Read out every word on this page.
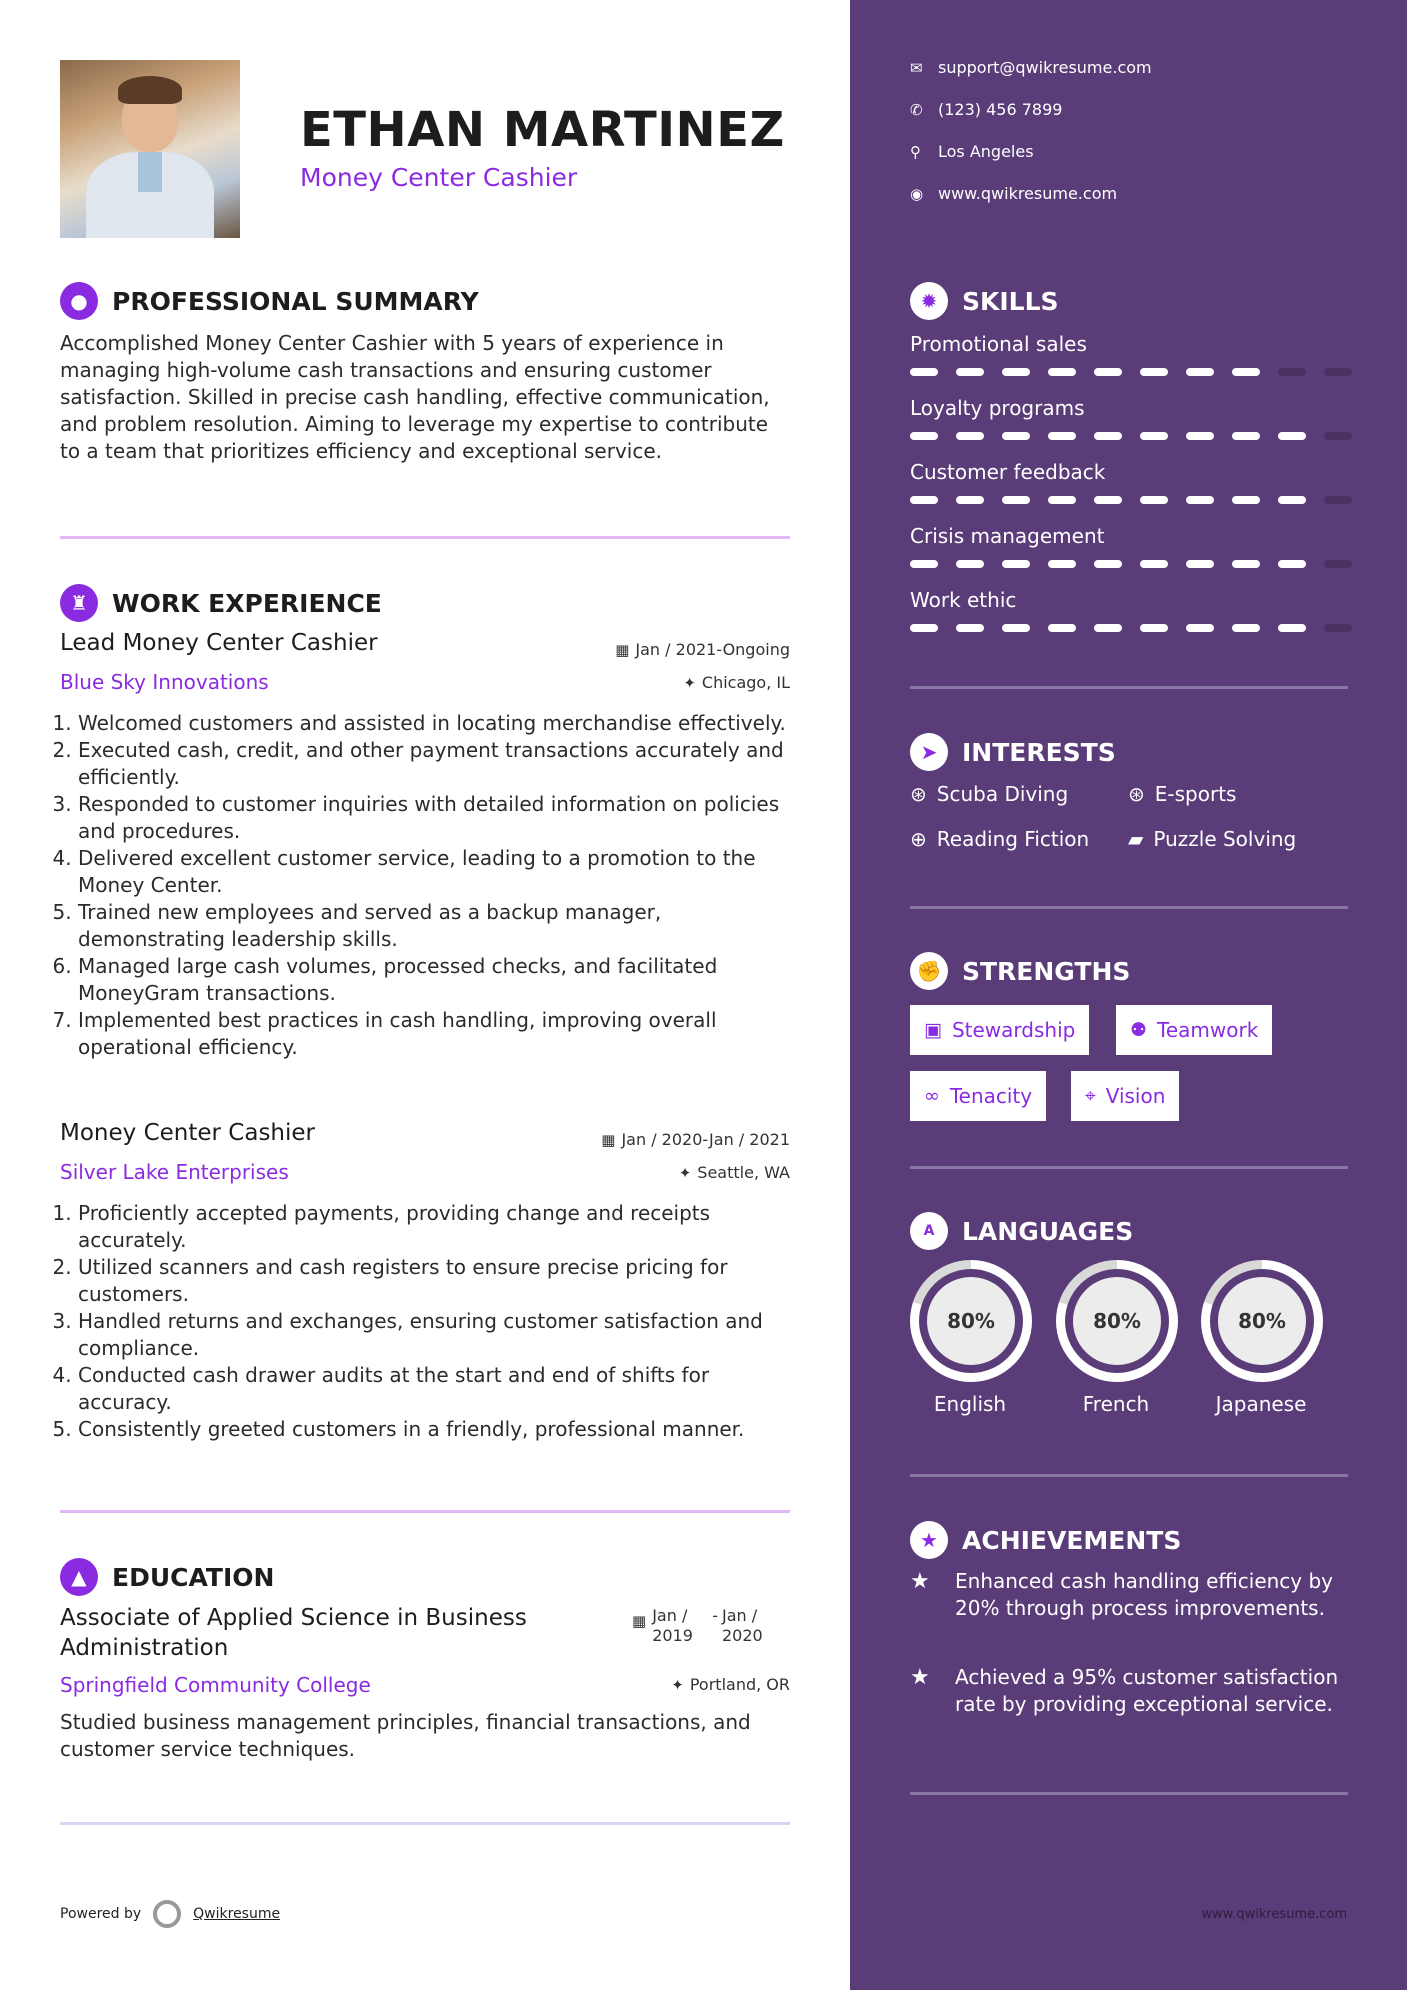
ETHAN MARTINEZ
Money Center Cashier
● PROFESSIONAL SUMMARY
Accomplished Money Center Cashier with 5 years of experience in managing high-volume cash transactions and ensuring customer satisfaction. Skilled in precise cash handling, effective communication, and problem resolution. Aiming to leverage my expertise to contribute to a team that prioritizes efficiency and exceptional service.
♜ WORK EXPERIENCE
Lead Money Center Cashier	▦ Jan / 2021-Ongoing
Blue Sky Innovations	✦ Chicago, IL
1. Welcomed customers and assisted in locating merchandise effectively.
2. Executed cash, credit, and other payment transactions accurately and efficiently.
3. Responded to customer inquiries with detailed information on policies and procedures.
4. Delivered excellent customer service, leading to a promotion to the Money Center.
5. Trained new employees and served as a backup manager, demonstrating leadership skills.
6. Managed large cash volumes, processed checks, and facilitated MoneyGram transactions.
7. Implemented best practices in cash handling, improving overall operational efficiency.
Money Center Cashier	▦ Jan / 2020-Jan / 2021
Silver Lake Enterprises	✦ Seattle, WA
1. Proficiently accepted payments, providing change and receipts accurately.
2. Utilized scanners and cash registers to ensure precise pricing for customers.
3. Handled returns and exchanges, ensuring customer satisfaction and compliance.
4. Conducted cash drawer audits at the start and end of shifts for accuracy.
5. Consistently greeted customers in a friendly, professional manner.
▲	EDUCATION
Associate of Applied Science in Business Administration
▦ Jan / 2019
- Jan / 2020
Springfield Community College	✦ Portland, OR
Studied business management principles, financial transactions, and customer service techniques.
Powered by	Qwikresume
✉ support@qwikresume.com
✆ (123) 456 7899
⚲	Los Angeles
◉ www.qwikresume.com
✹ SKILLS
Promotional sales
Loyalty programs
Customer feedback
Crisis management
Work ethic
➤ INTERESTS
⊛ Scuba Diving	⊛ E-sports
⊕ Reading Fiction ▰ Puzzle Solving
✊ STRENGTHS
▣ Stewardship	⚉ Teamwork
∞ Tenacity	⌖ Vision
A	LANGUAGES
80%
English
80%
French
80%
Japanese
★ ACHIEVEMENTS
★	Enhanced cash handling efficiency by 20% through process improvements.
★	Achieved a 95% customer satisfaction rate by providing exceptional service.
www.qwikresume.com
